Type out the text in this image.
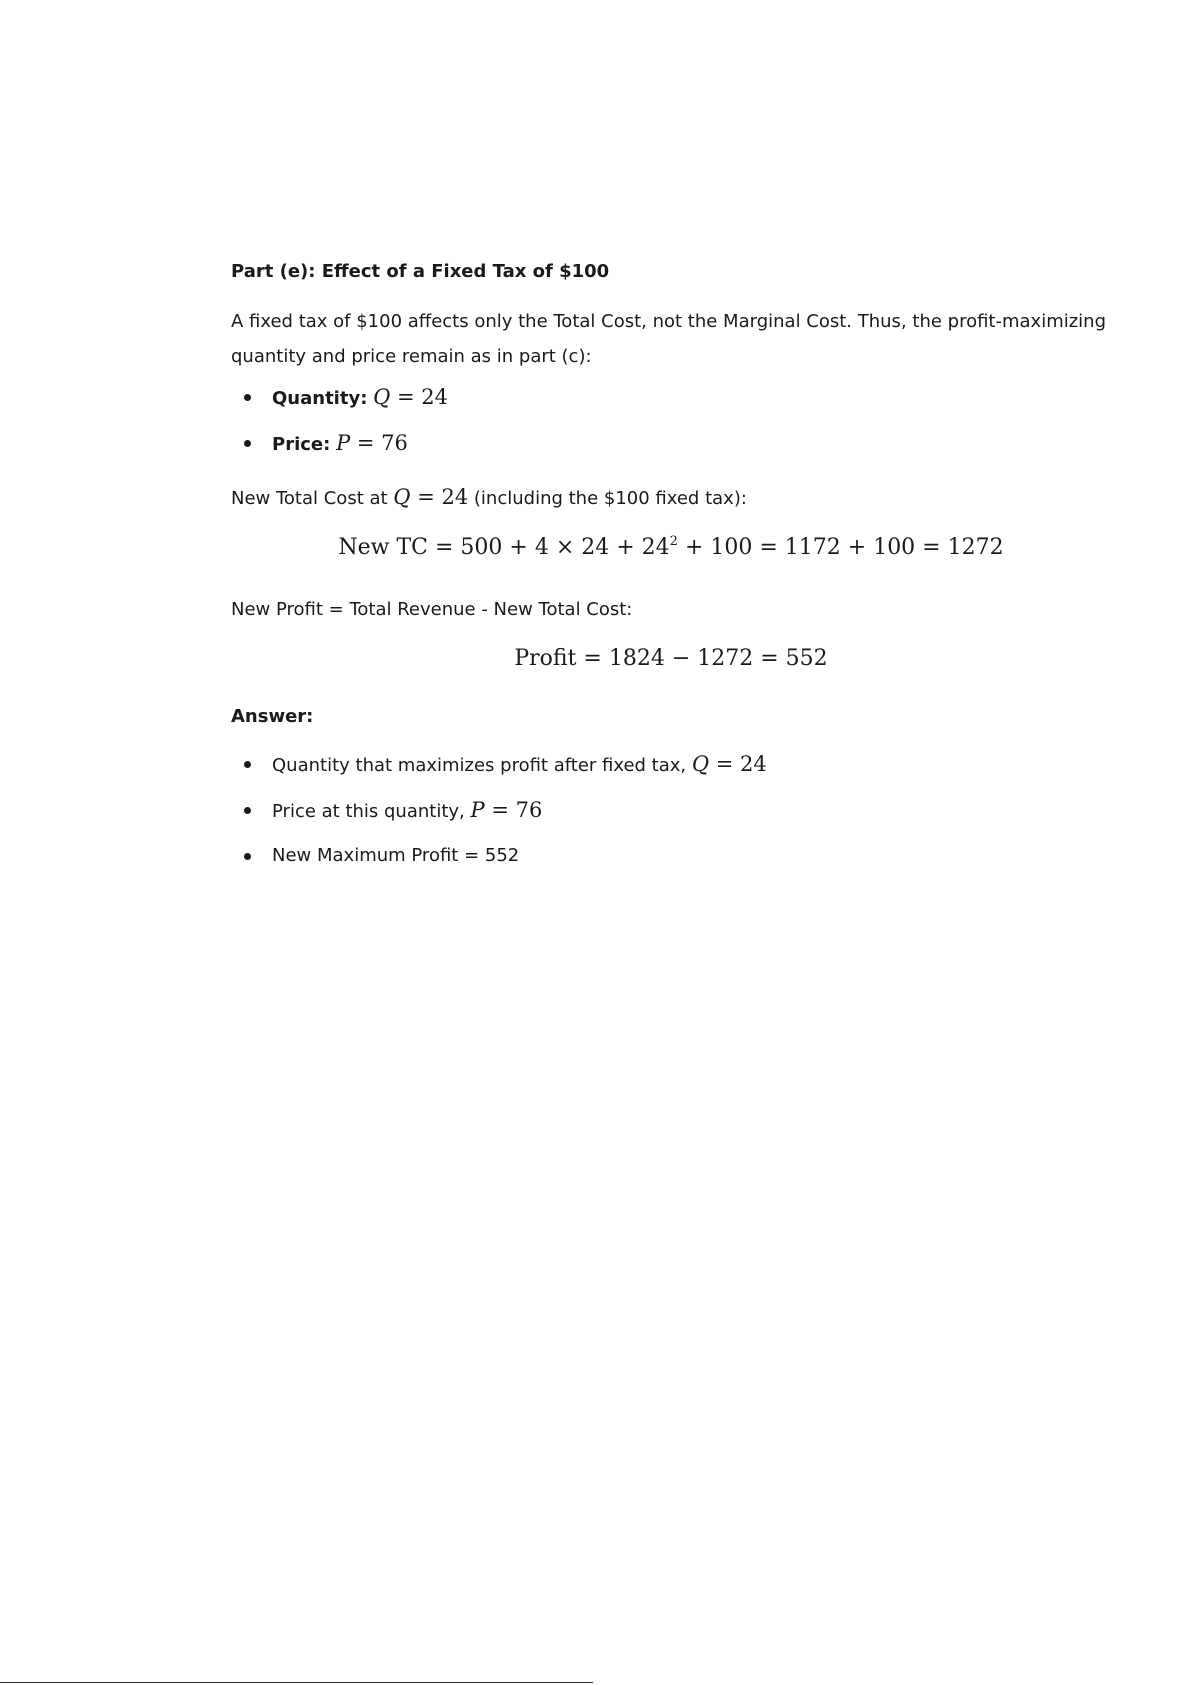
Part (e): Effect of a Fixed Tax of $100

A fixed tax of $100 affects only the Total Cost, not the Marginal Cost. Thus, the profit-maximizing quantity and price remain as in part (c):

Quantity: Q = 24
Price: P = 76

New Total Cost at Q = 24 (including the $100 fixed tax):

New TC = $500 + 4 \times 24 + 24^2 + 100 = 1172 + 100 = 1272$

New Profit = Total Revenue - New Total Cost:

Profit = 1824 − 1272 = 552
Answer:
Quantity that maximizes profit after fixed tax, Q = 24
Price at this quantity, P = 76
New Maximum Profit = 552
